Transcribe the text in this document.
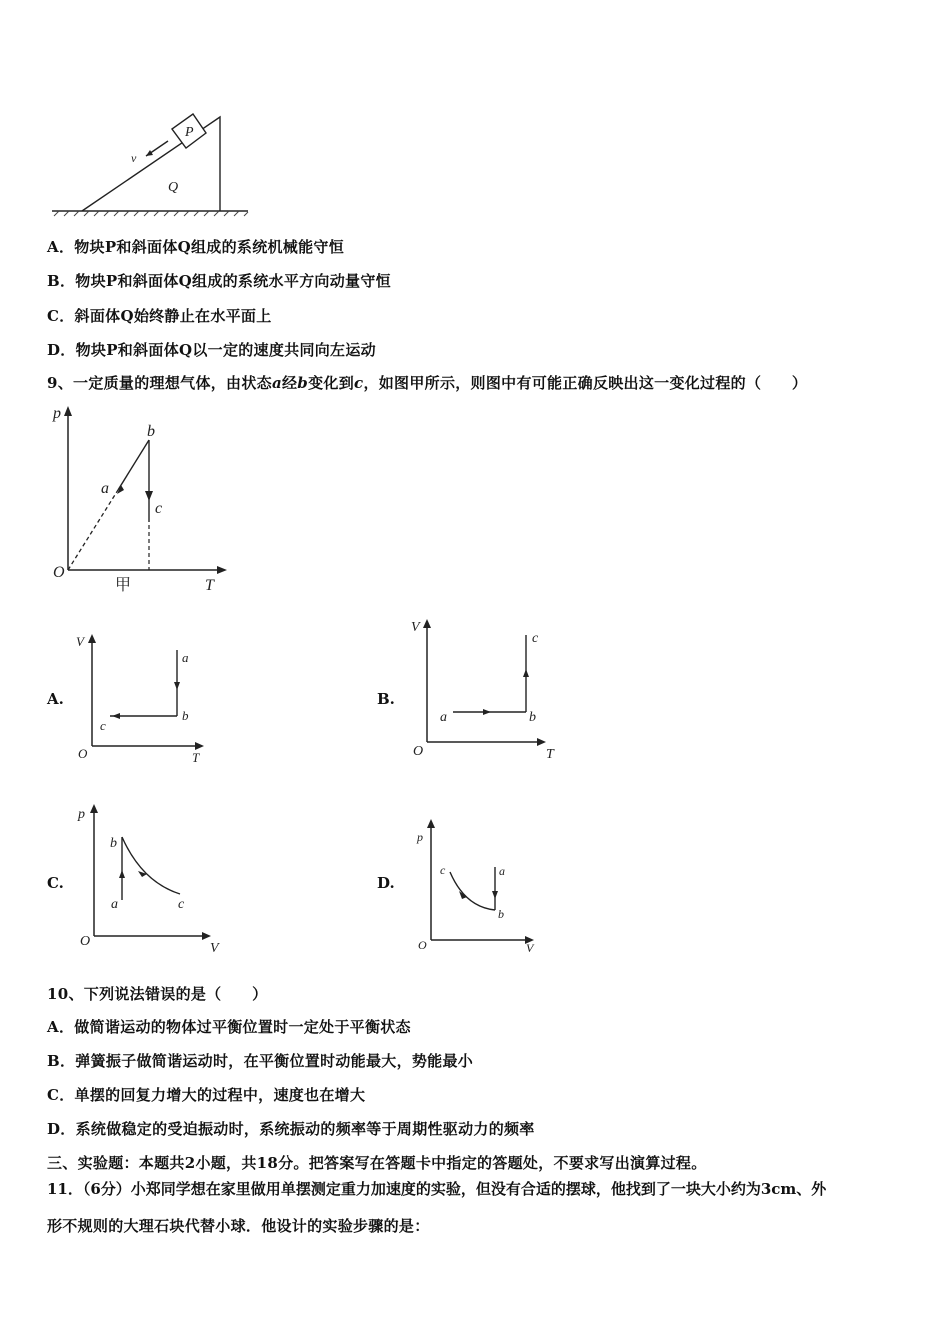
P
v
Q
A．物块P和斜面体Q组成的系统机械能守恒
B．物块P和斜面体Q组成的系统水平方向动量守恒
C．斜面体Q始终静止在水平面上
D．物块P和斜面体Q以一定的速度共同向左运动
9、一定质量的理想气体，由状态a经b变化到c，如图甲所示，则图中有可能正确反映出这一变化过程的（　　）
p
T
O
甲
a
b
c
A.
V
T
O
a
b
c
B.
V
T
O
a	b
c
C.
p
V
O
a
b
c
D.
p
V
O
a
b
c
10、下列说法错误的是（　　）
A．做简谐运动的物体过平衡位置时一定处于平衡状态
B．弹簧振子做简谐运动时，在平衡位置时动能最大，势能最小
C．单摆的回复力增大的过程中，速度也在增大
D．系统做稳定的受迫振动时，系统振动的频率等于周期性驱动力的频率
三、实验题：本题共2小题，共18分。把答案写在答题卡中指定的答题处，不要求写出演算过程。
11．（6分）小郑同学想在家里做用单摆测定重力加速度的实验，但没有合适的摆球，他找到了一块大小约为3cm、外
形不规则的大理石块代替小球．他设计的实验步骤的是：
